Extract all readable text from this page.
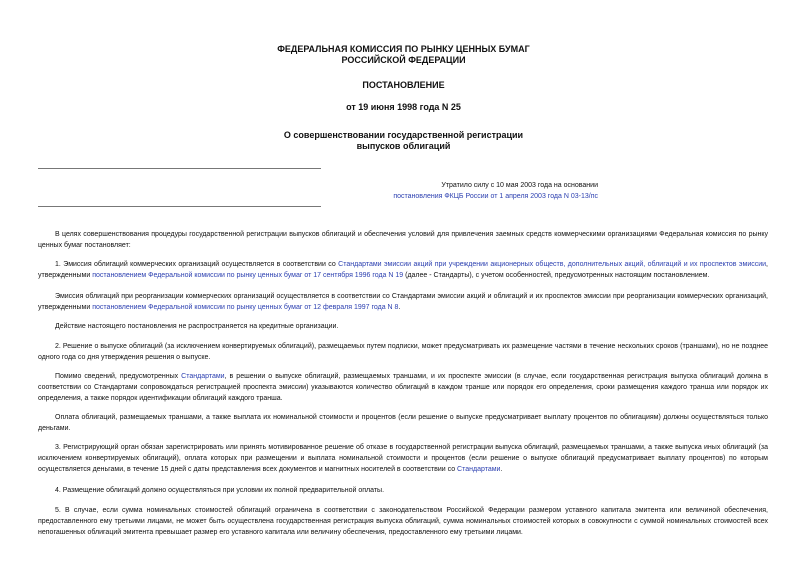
ФЕДЕРАЛЬНАЯ КОМИССИЯ ПО РЫНКУ ЦЕННЫХ БУМАГ
РОССИЙСКОЙ ФЕДЕРАЦИИ
ПОСТАНОВЛЕНИЕ
от 19 июня 1998 года N 25
О совершенствовании государственной регистрации
выпусков облигаций
Утратило силу с 10 мая 2003 года на основании
постановления ФКЦБ России от 1 апреля 2003 года N 03-13/пс

В целях совершенствования процедуры государственной регистрации выпусков облигаций и обеспечения условий для привлечения заемных средств коммерческими организациями Федеральная комиссия по рынку ценных бумаг постановляет:

1. Эмиссия облигаций коммерческих организаций осуществляется в соответствии со Стандартами эмиссии акций при учреждении акционерных обществ, дополнительных акций, облигаций и их проспектов эмиссии, утвержденными постановлением Федеральной комиссии по рынку ценных бумаг от 17 сентября 1996 года N 19 (далее - Стандарты), с учетом особенностей, предусмотренных настоящим постановлением.

Эмиссия облигаций при реорганизации коммерческих организаций осуществляется в соответствии со Стандартами эмиссии акций и облигаций и их проспектов эмиссии при реорганизации коммерческих организаций, утвержденными постановлением Федеральной комиссии по рынку ценных бумаг от 12 февраля 1997 года N 8.

Действие настоящего постановления не распространяется на кредитные организации.

2. Решение о выпуске облигаций (за исключением конвертируемых облигаций), размещаемых путем подписки, может предусматривать их размещение частями в течение нескольких сроков (траншами), но не позднее одного года со дня утверждения решения о выпуске.

Помимо сведений, предусмотренных Стандартами, в решении о выпуске облигаций, размещаемых траншами, и их проспекте эмиссии (в случае, если государственная регистрация выпуска облигаций должна в соответствии со Стандартами сопровождаться регистрацией проспекта эмиссии) указываются количество облигаций в каждом транше или порядок его определения, сроки размещения каждого транша или порядок их определения, а также порядок идентификации облигаций каждого транша.

Оплата облигаций, размещаемых траншами, а также выплата их номинальной стоимости и процентов (если решение о выпуске предусматривает выплату процентов по облигациям) должны осуществляться только деньгами.

3. Регистрирующий орган обязан зарегистрировать или принять мотивированное решение об отказе в государственной регистрации выпуска облигаций, размещаемых траншами, а также выпуска иных облигаций (за исключением конвертируемых облигаций), оплата которых при размещении и выплата номинальной стоимости и процентов (если решение о выпуске облигаций предусматривает выплату процентов) по которым осуществляется деньгами, в течение 15 дней с даты представления всех документов и магнитных носителей в соответствии со Стандартами.

4. Размещение облигаций должно осуществляться при условии их полной предварительной оплаты.

5. В случае, если сумма номинальных стоимостей облигаций ограничена в соответствии с законодательством Российской Федерации размером уставного капитала эмитента или величиной обеспечения, предоставленного ему третьими лицами, не может быть осуществлена государственная регистрация выпуска облигаций, сумма номинальных стоимостей которых в совокупности с суммой номинальных стоимостей всех непогашенных облигаций эмитента превышает размер его уставного капитала или величину обеспечения, предоставленного ему третьими лицами.
